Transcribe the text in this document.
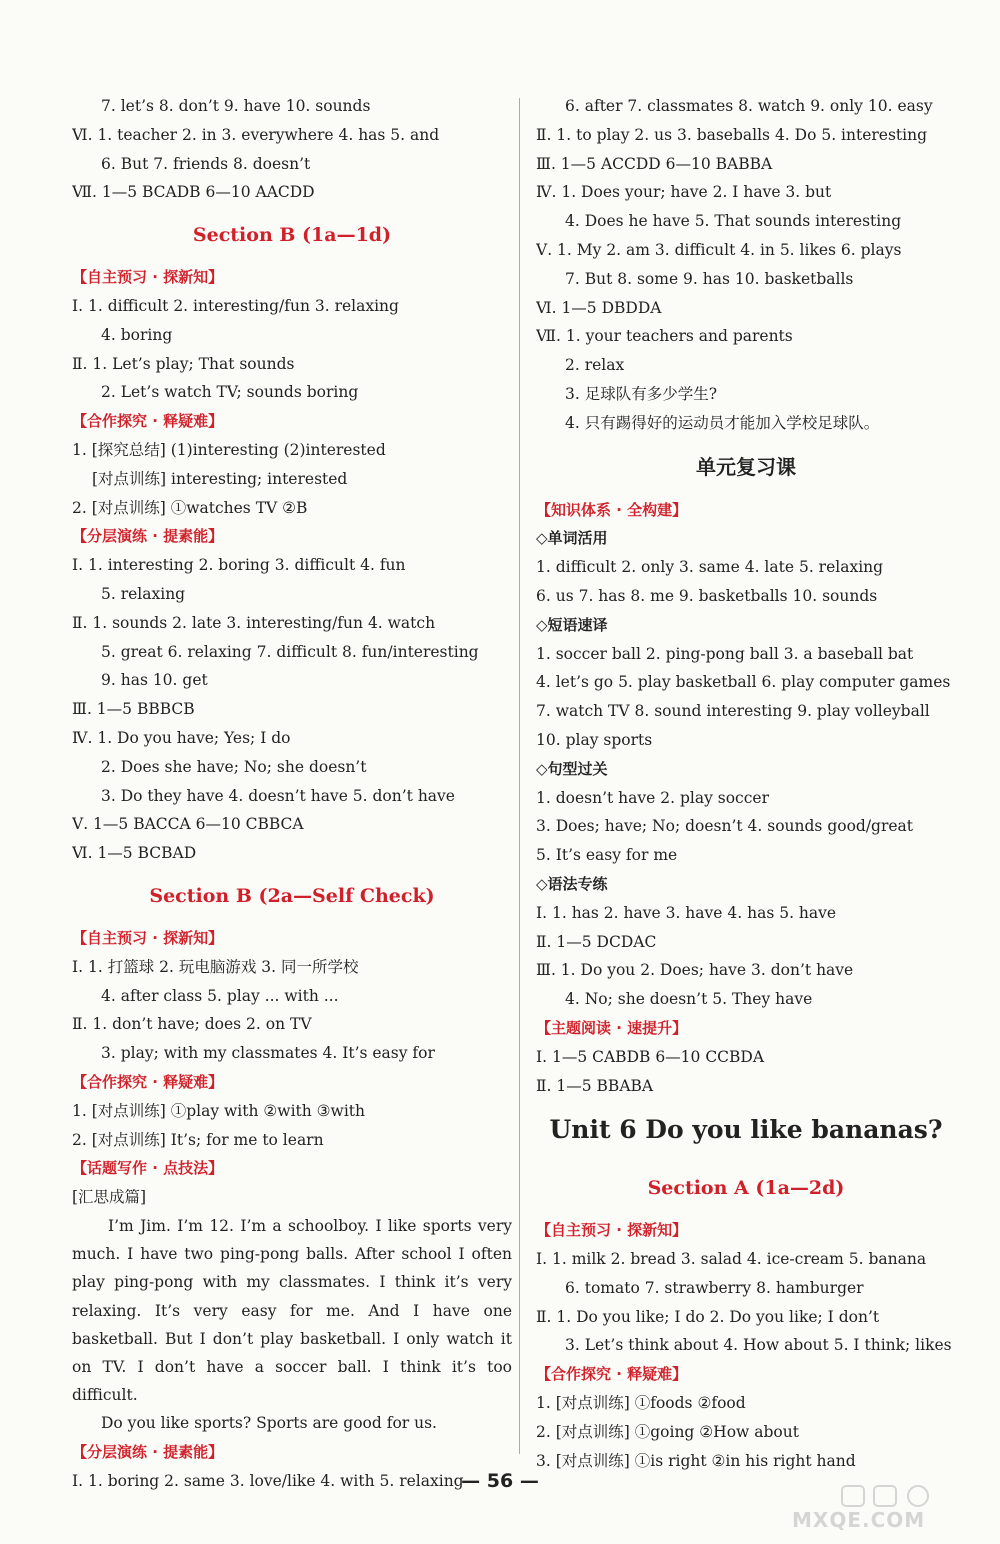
7. let’s 8. don’t 9. have 10. sounds
Ⅵ. 1. teacher 2. in 3. everywhere 4. has 5. and
6. But 7. friends 8. doesn’t
Ⅶ. 1—5 BCADB 6—10 AACDD
Section B (1a—1d)
【自主预习 · 探新知】
Ⅰ. 1. difficult 2. interesting/fun 3. relaxing
4. boring
Ⅱ. 1. Let’s play; That sounds
2. Let’s watch TV; sounds boring
【合作探究 · 释疑难】
1. [探究总结] (1)interesting (2)interested
[对点训练] interesting; interested
2. [对点训练] ①watches TV ②B
【分层演练 · 提素能】
Ⅰ. 1. interesting 2. boring 3. difficult 4. fun
5. relaxing
Ⅱ. 1. sounds 2. late 3. interesting/fun 4. watch
5. great 6. relaxing 7. difficult 8. fun/interesting
9. has 10. get
Ⅲ. 1—5 BBBCB
Ⅳ. 1. Do you have; Yes; I do
2. Does she have; No; she doesn’t
3. Do they have 4. doesn’t have 5. don’t have
Ⅴ. 1—5 BACCA 6—10 CBBCA
Ⅵ. 1—5 BCBAD
Section B (2a—Self Check)
【自主预习 · 探新知】
Ⅰ. 1. 打篮球 2. 玩电脑游戏 3. 同一所学校
4. after class 5. play ... with ...
Ⅱ. 1. don’t have; does 2. on TV
3. play; with my classmates 4. It’s easy for
【合作探究 · 释疑难】
1. [对点训练] ①play with ②with ③with
2. [对点训练] It’s; for me to learn
【话题写作 · 点技法】
[汇思成篇]
I’m Jim. I’m 12. I’m a schoolboy. I like sports very much. I have two ping-pong balls. After school I often play ping-pong with my classmates. I think it’s very relaxing. It’s very easy for me. And I have one basketball. But I don’t play basketball. I only watch it on TV. I don’t have a soccer ball. I think it’s too difficult.
Do you like sports? Sports are good for us.
【分层演练 · 提素能】
Ⅰ. 1. boring 2. same 3. love/like 4. with 5. relaxing
6. after 7. classmates 8. watch 9. only 10. easy
Ⅱ. 1. to play 2. us 3. baseballs 4. Do 5. interesting
Ⅲ. 1—5 ACCDD 6—10 BABBA
Ⅳ. 1. Does your; have 2. I have 3. but
4. Does he have 5. That sounds interesting
Ⅴ. 1. My 2. am 3. difficult 4. in 5. likes 6. plays
7. But 8. some 9. has 10. basketballs
Ⅵ. 1—5 DBDDA
Ⅶ. 1. your teachers and parents
2. relax
3. 足球队有多少学生?
4. 只有踢得好的运动员才能加入学校足球队。
单元复习课
【知识体系 · 全构建】
◇单词活用
1. difficult 2. only 3. same 4. late 5. relaxing
6. us 7. has 8. me 9. basketballs 10. sounds
◇短语速译
1. soccer ball 2. ping-pong ball 3. a baseball bat
4. let’s go 5. play basketball 6. play computer games
7. watch TV 8. sound interesting 9. play volleyball
10. play sports
◇句型过关
1. doesn’t have 2. play soccer
3. Does; have; No; doesn’t 4. sounds good/great
5. It’s easy for me
◇语法专练
Ⅰ. 1. has 2. have 3. have 4. has 5. have
Ⅱ. 1—5 DCDAC
Ⅲ. 1. Do you 2. Does; have 3. don’t have
4. No; she doesn’t 5. They have
【主题阅读 · 速提升】
Ⅰ. 1—5 CABDB 6—10 CCBDA
Ⅱ. 1—5 BBABA
Unit 6 Do you like bananas?
Section A (1a—2d)
【自主预习 · 探新知】
Ⅰ. 1. milk 2. bread 3. salad 4. ice-cream 5. banana
6. tomato 7. strawberry 8. hamburger
Ⅱ. 1. Do you like; I do 2. Do you like; I don’t
3. Let’s think about 4. How about 5. I think; likes
【合作探究 · 释疑难】
1. [对点训练] ①foods ②food
2. [对点训练] ①going ②How about
3. [对点训练] ①is right ②in his right hand
— 56 —
MXQE.COM
